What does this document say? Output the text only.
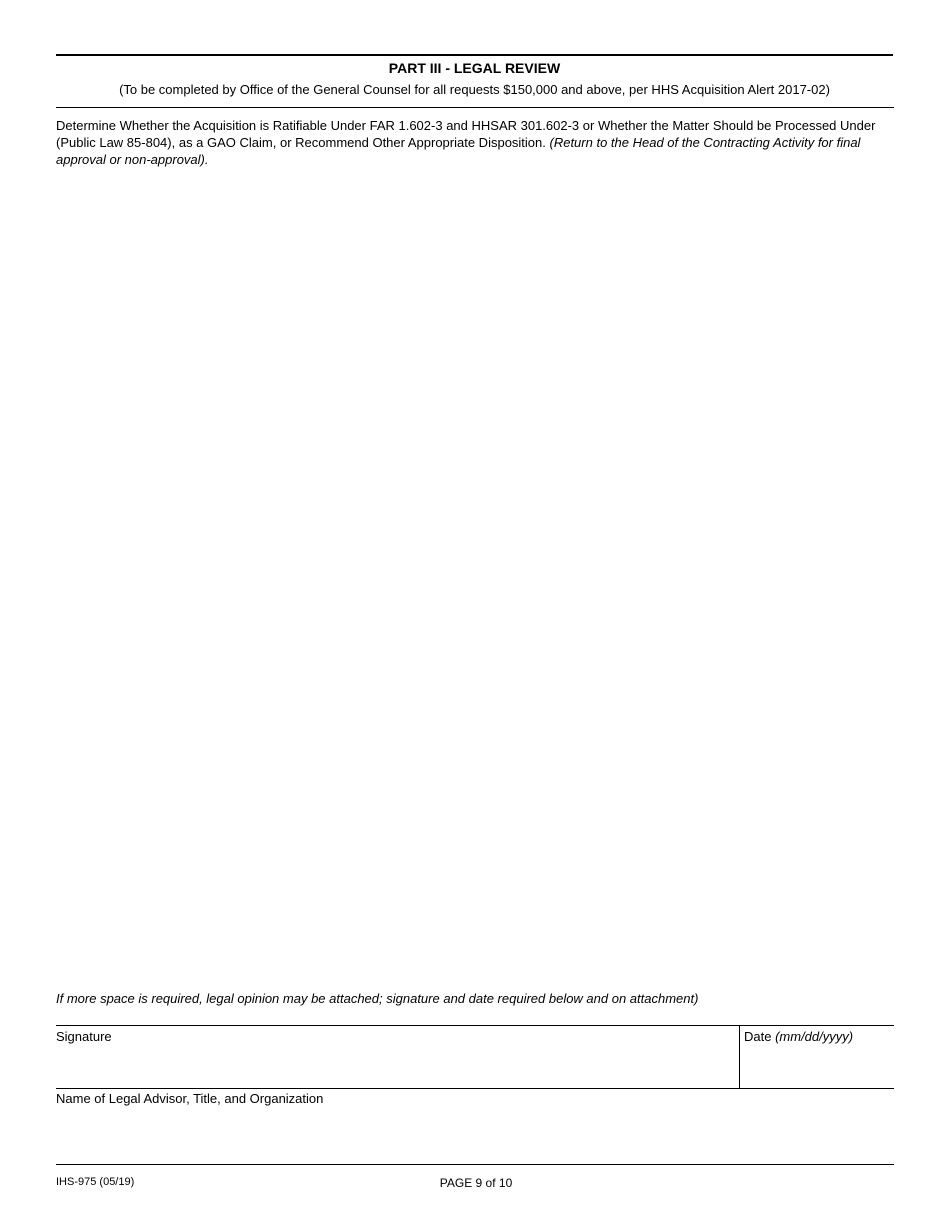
PART III - LEGAL REVIEW
(To be completed by Office of the General Counsel for all requests $150,000 and above, per HHS Acquisition Alert 2017-02)
Determine Whether the Acquisition is Ratifiable Under FAR 1.602-3 and HHSAR 301.602-3 or Whether the Matter Should be Processed Under (Public Law 85-804), as a GAO Claim, or Recommend Other Appropriate Disposition. (Return to the Head of the Contracting Activity for final approval or non-approval).
If more space is required, legal opinion may be attached; signature and date required below and on attachment)
Signature	Date (mm/dd/yyyy)
Name of Legal Advisor, Title, and Organization
IHS-975 (05/19)	PAGE 9 of 10
